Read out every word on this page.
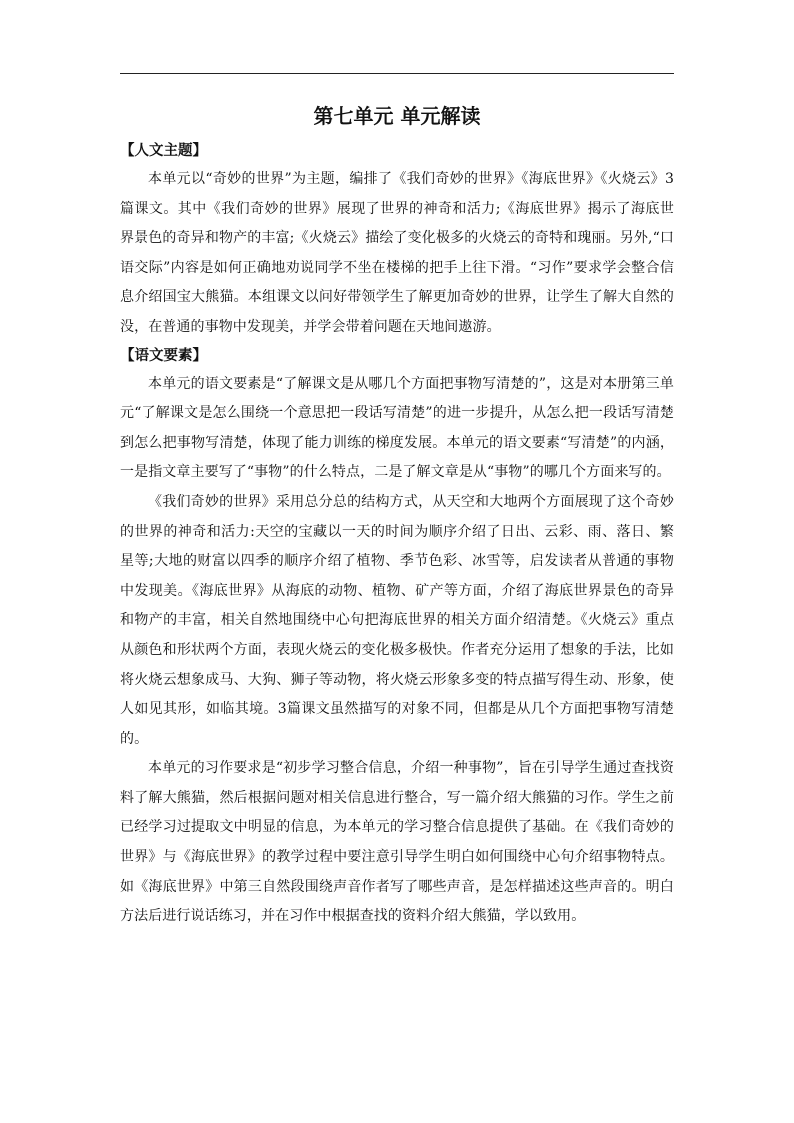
第七单元 单元解读
【人文主题】

本单元以“奇妙的世界”为主题，编排了《我们奇妙的世界》《海底世界》《火烧云》3篇课文。其中《我们奇妙的世界》展现了世界的神奇和活力;《海底世界》揭示了海底世界景色的奇异和物产的丰富;《火烧云》描绘了变化极多的火烧云的奇特和瑰丽。另外,“口语交际”内容是如何正确地劝说同学不坐在楼梯的把手上往下滑。“习作”要求学会整合信息介绍国宝大熊猫。本组课文以问好带领学生了解更加奇妙的世界，让学生了解大自然的没，在普通的事物中发现美，并学会带着问题在天地间遨游。

【语文要素】

本单元的语文要素是“了解课文是从哪几个方面把事物写清楚的”，这是对本册第三单元“了解课文是怎么围绕一个意思把一段话写清楚”的进一步提升，从怎么把一段话写清楚到怎么把事物写清楚，体现了能力训练的梯度发展。本单元的语文要素“写清楚”的内涵，一是指文章主要写了“事物”的什么特点，二是了解文章是从“事物”的哪几个方面来写的。

《我们奇妙的世界》采用总分总的结构方式，从天空和大地两个方面展现了这个奇妙的世界的神奇和活力:天空的宝藏以一天的时间为顺序介绍了日出、云彩、雨、落日、繁星等;大地的财富以四季的顺序介绍了植物、季节色彩、冰雪等，启发读者从普通的事物中发现美。《海底世界》从海底的动物、植物、矿产等方面，介绍了海底世界景色的奇异和物产的丰富，相关自然地围绕中心句把海底世界的相关方面介绍清楚。《火烧云》重点从颜色和形状两个方面，表现火烧云的变化极多极快。作者充分运用了想象的手法，比如将火烧云想象成马、大狗、狮子等动物，将火烧云形象多变的特点描写得生动、形象，使人如见其形，如临其境。3篇课文虽然描写的对象不同，但都是从几个方面把事物写清楚的。

本单元的习作要求是“初步学习整合信息，介绍一种事物”，旨在引导学生通过查找资料了解大熊猫，然后根据问题对相关信息进行整合，写一篇介绍大熊猫的习作。学生之前已经学习过提取文中明显的信息，为本单元的学习整合信息提供了基础。在《我们奇妙的世界》与《海底世界》的教学过程中要注意引导学生明白如何围绕中心句介绍事物特点。如《海底世界》中第三自然段围绕声音作者写了哪些声音，是怎样描述这些声音的。明白方法后进行说话练习，并在习作中根据查找的资料介绍大熊猫，学以致用。
